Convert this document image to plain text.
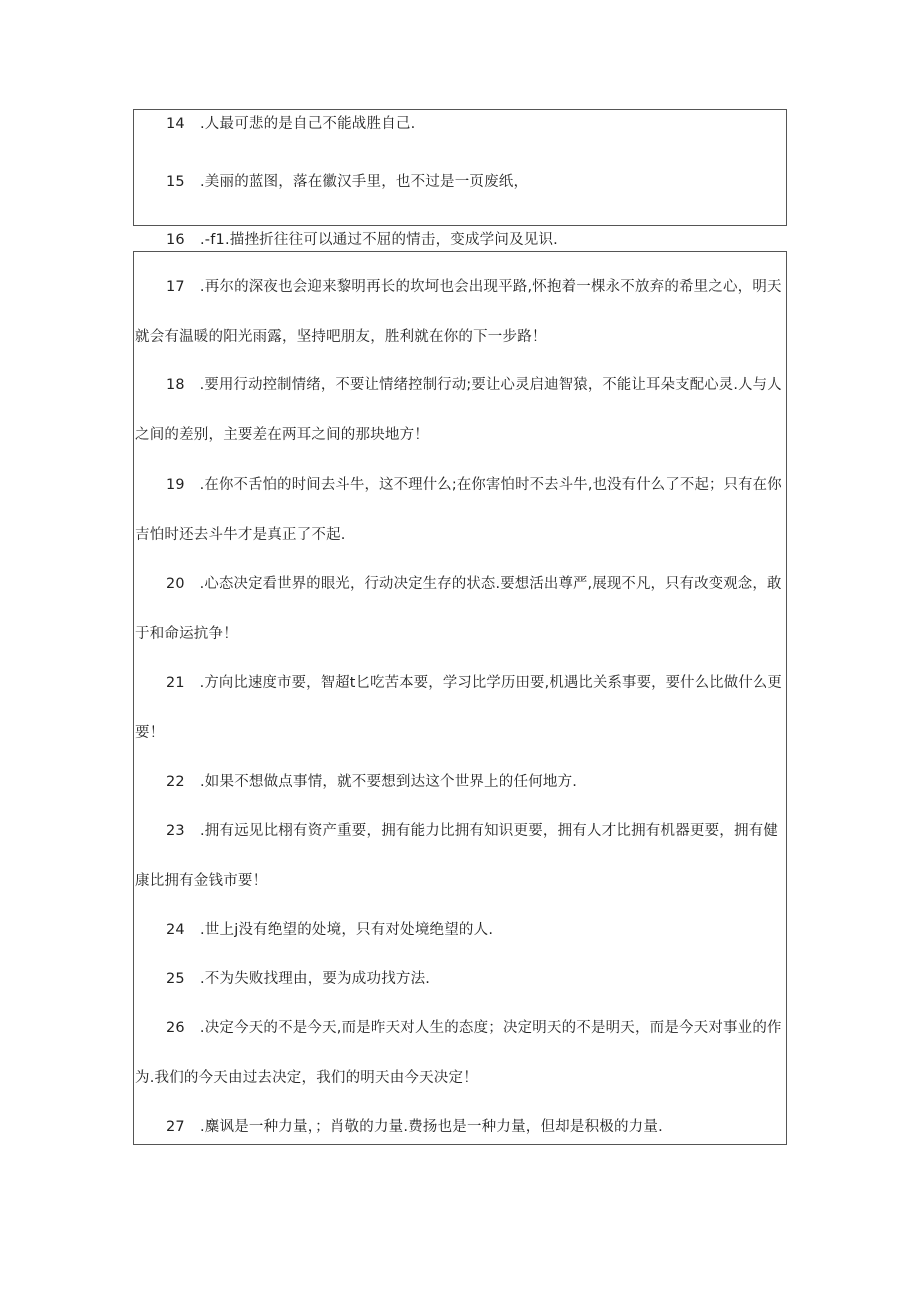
14 .人最可悲的是自己不能战胜自己.
15 .美丽的蓝图，落在徽汉手里，也不过是一页废纸，
16 .-f1.描挫折往往可以通过不屈的情击，变成学问及见识.
17 .再尔的深夜也会迎来黎明再长的坎坷也会出现平路,怀抱着一棵永不放弃的希里之心，明天
就会有温暖的阳光雨露，坚持吧朋友，胜利就在你的下一步路！
18 .要用行动控制情绪，不要让情绪控制行动;要让心灵启迪智猿，不能让耳朵支配心灵.人与人
之间的差别，主要差在两耳之间的那块地方！
19 .在你不舌怕的时间去斗牛，这不理什么;在你害怕时不去斗牛,也没有什么了不起；只有在你
吉怕时还去斗牛才是真正了不起.
20 .心态决定看世界的眼光，行动决定生存的状态.要想活出尊严,展现不凡，只有改变观念，敢
于和命运抗争！
21 .方向比速度市要，智超t匕吃苦本要，学习比学历田要,机遇比关系事要，要什么比做什么更
要！
22 .如果不想做点事情，就不要想到达这个世界上的任何地方.
23 .拥有远见比栩有资产重要，拥有能力比拥有知识更要，拥有人才比拥有机器更要，拥有健
康比拥有金钱市要！
24 .世上j没有绝望的处境，只有对处境绝望的人.
25 .不为失败找理由，要为成功找方法.
26 .决定今天的不是今天,而是昨天对人生的态度；决定明天的不是明天，而是今天对事业的作
为.我们的今天由过去决定，我们的明天由今天决定！
27 .麋讽是一种力量，；肖敬的力量.费扬也是一种力量，但却是积极的力量.
